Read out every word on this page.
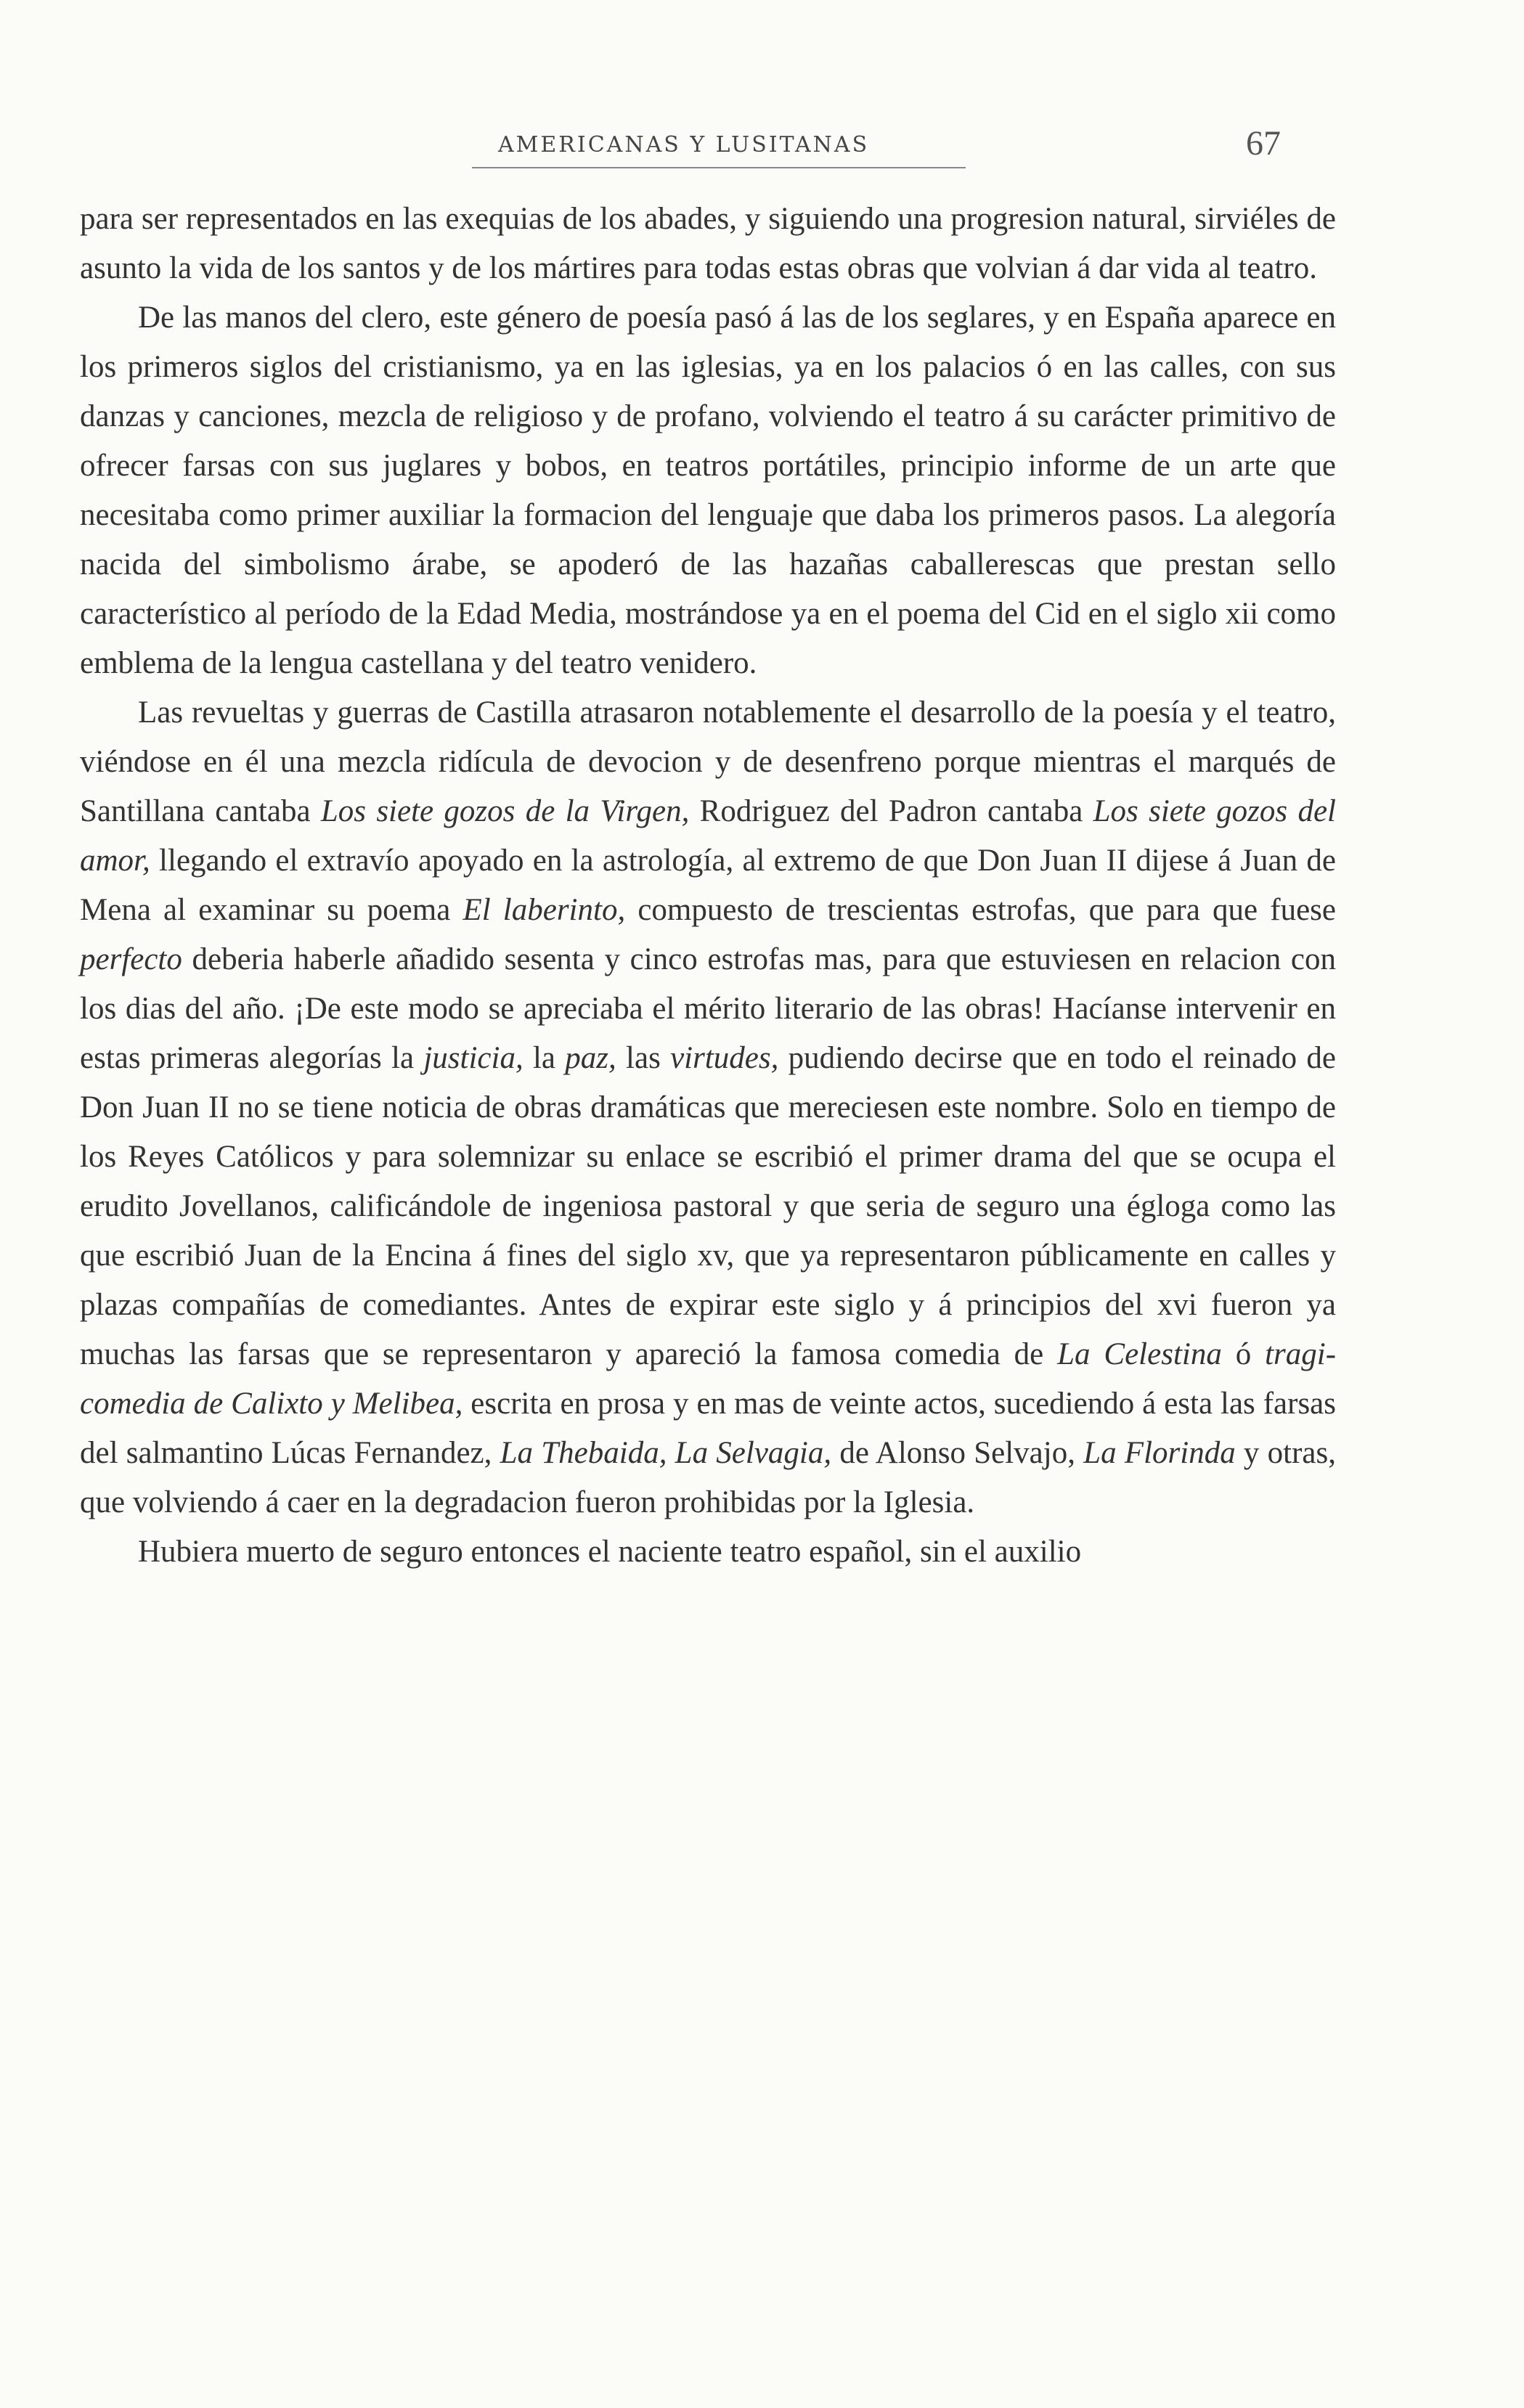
AMERICANAS Y LUSITANAS	67

para ser representados en las exequias de los abades, y siguiendo una progresion natural, sirviéles de asunto la vida de los santos y de los mártires para todas estas obras que volvian á dar vida al teatro.

De las manos del clero, este género de poesía pasó á las de los seglares, y en España aparece en los primeros siglos del cristianismo, ya en las iglesias, ya en los palacios ó en las calles, con sus danzas y canciones, mezcla de religioso y de profano, volviendo el teatro á su carácter primitivo de ofrecer farsas con sus juglares y bobos, en teatros portátiles, principio informe de un arte que necesitaba como primer auxiliar la formacion del lenguaje que daba los primeros pasos. La alegoría nacida del simbolismo árabe, se apoderó de las hazañas caballerescas que prestan sello característico al período de la Edad Media, mostrándose ya en el poema del Cid en el siglo xii como emblema de la lengua castellana y del teatro venidero.

Las revueltas y guerras de Castilla atrasaron notablemente el desarrollo de la poesía y el teatro, viéndose en él una mezcla ridícula de devocion y de desenfreno porque mientras el marqués de Santillana cantaba Los siete gozos de la Virgen, Rodriguez del Padron cantaba Los siete gozos del amor, llegando el extravío apoyado en la astrología, al extremo de que Don Juan II dijese á Juan de Mena al examinar su poema El laberinto, compuesto de trescientas estrofas, que para que fuese perfecto deberia haberle añadido sesenta y cinco estrofas mas, para que estuviesen en relacion con los dias del año. ¡De este modo se apreciaba el mérito literario de las obras! Hacíanse intervenir en estas primeras alegorías la justicia, la paz, las virtudes, pudiendo decirse que en todo el reinado de Don Juan II no se tiene noticia de obras dramáticas que mereciesen este nombre. Solo en tiempo de los Reyes Católicos y para solemnizar su enlace se escribió el primer drama del que se ocupa el erudito Jovellanos, calificándole de ingeniosa pastoral y que seria de seguro una égloga como las que escribió Juan de la Encina á fines del siglo xv, que ya representaron públicamente en calles y plazas compañías de comediantes. Antes de expirar este siglo y á principios del xvi fueron ya muchas las farsas que se representaron y apareció la famosa comedia de La Celestina ó tragi-comedia de Calixto y Melibea, escrita en prosa y en mas de veinte actos, sucediendo á esta las farsas del salmantino Lúcas Fernandez, La Thebaida, La Selvagia, de Alonso Selvajo, La Florinda y otras, que volviendo á caer en la degradacion fueron prohibidas por la Iglesia.

Hubiera muerto de seguro entonces el naciente teatro español, sin el auxilio
